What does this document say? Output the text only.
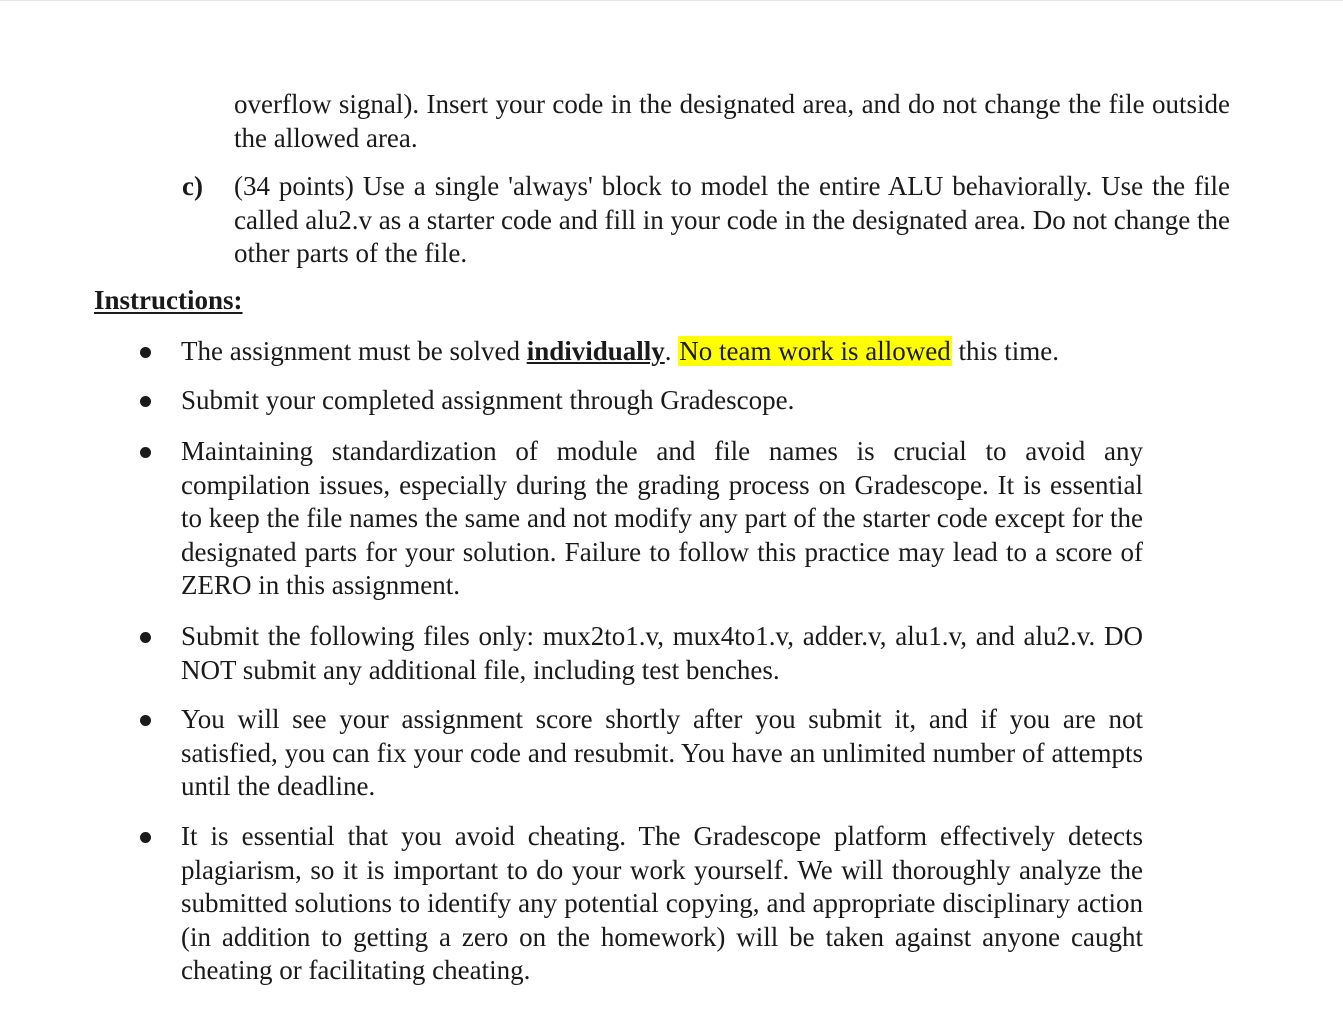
overflow signal). Insert your code in the designated area, and do not change the file outside the allowed area.
c) (34 points) Use a single 'always' block to model the entire ALU behaviorally. Use the file called alu2.v as a starter code and fill in your code in the designated area. Do not change the other parts of the file.
Instructions:
The assignment must be solved individually. No team work is allowed this time.
Submit your completed assignment through Gradescope.
Maintaining standardization of module and file names is crucial to avoid any compilation issues, especially during the grading process on Gradescope. It is essential to keep the file names the same and not modify any part of the starter code except for the designated parts for your solution. Failure to follow this practice may lead to a score of ZERO in this assignment.
Submit the following files only: mux2to1.v, mux4to1.v, adder.v, alu1.v, and alu2.v. DO NOT submit any additional file, including test benches.
You will see your assignment score shortly after you submit it, and if you are not satisfied, you can fix your code and resubmit. You have an unlimited number of attempts until the deadline.
It is essential that you avoid cheating. The Gradescope platform effectively detects plagiarism, so it is important to do your work yourself. We will thoroughly analyze the submitted solutions to identify any potential copying, and appropriate disciplinary action (in addition to getting a zero on the homework) will be taken against anyone caught cheating or facilitating cheating.
